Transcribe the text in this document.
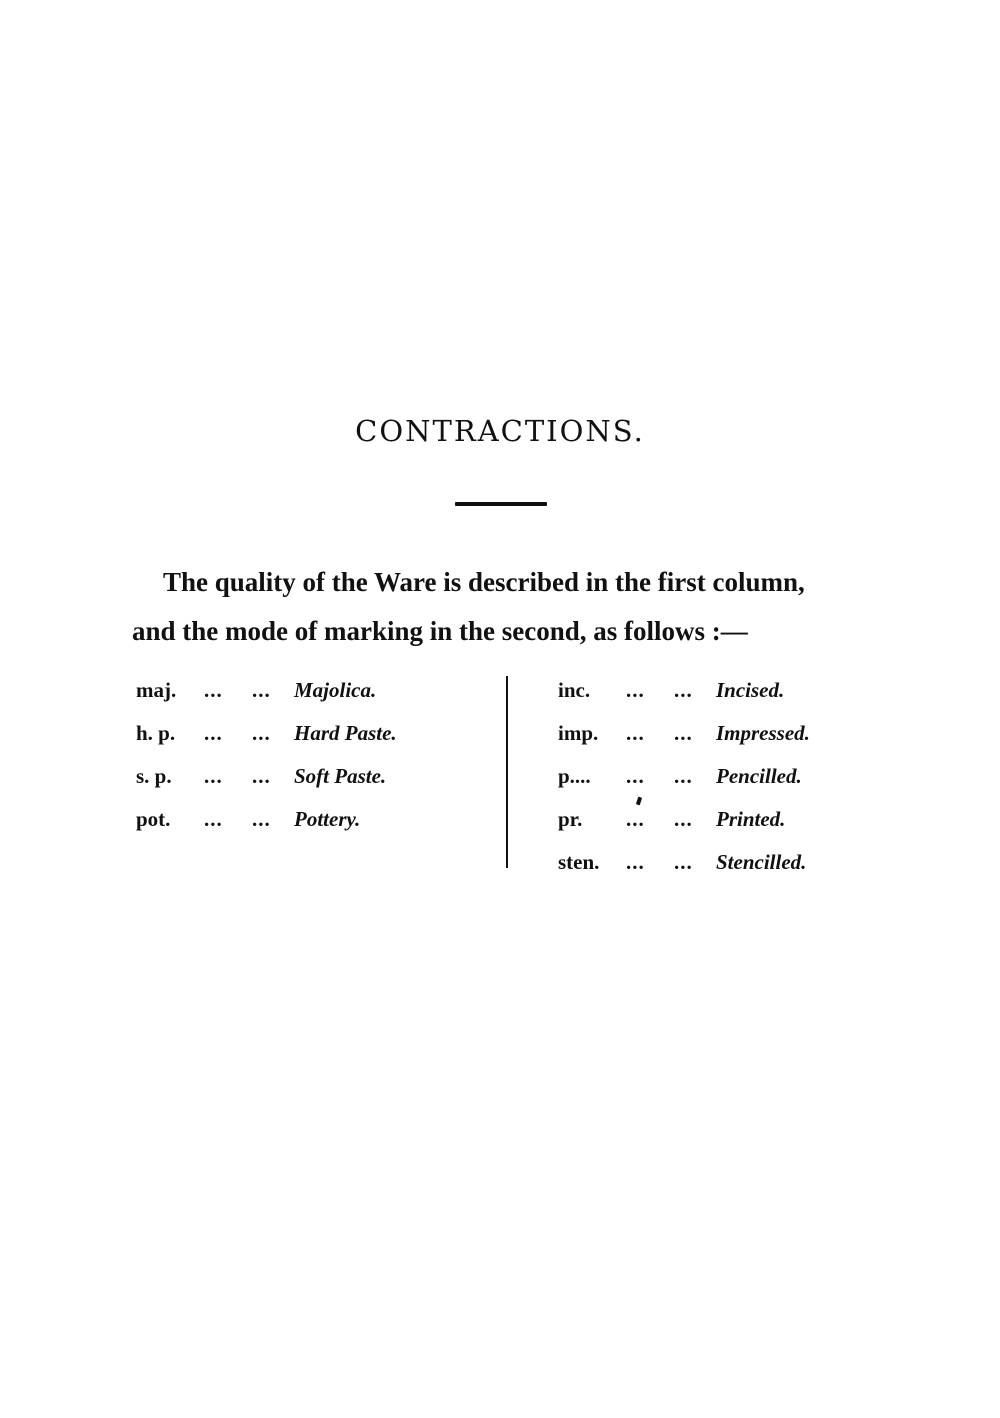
CONTRACTIONS.
The quality of the Ware is described in the first column,
and the mode of marking in the second, as follows :—
maj. ... ... Majolica.
h. p. ... ... Hard Paste.
s. p. ... ... Soft Paste.
pot. ... ... Pottery.
inc. ... ... Incised.
imp. ... ... Impressed.
p.... ... ... Pencilled.
pr. ... ... Printed.
sten. ... ... Stencilled.
